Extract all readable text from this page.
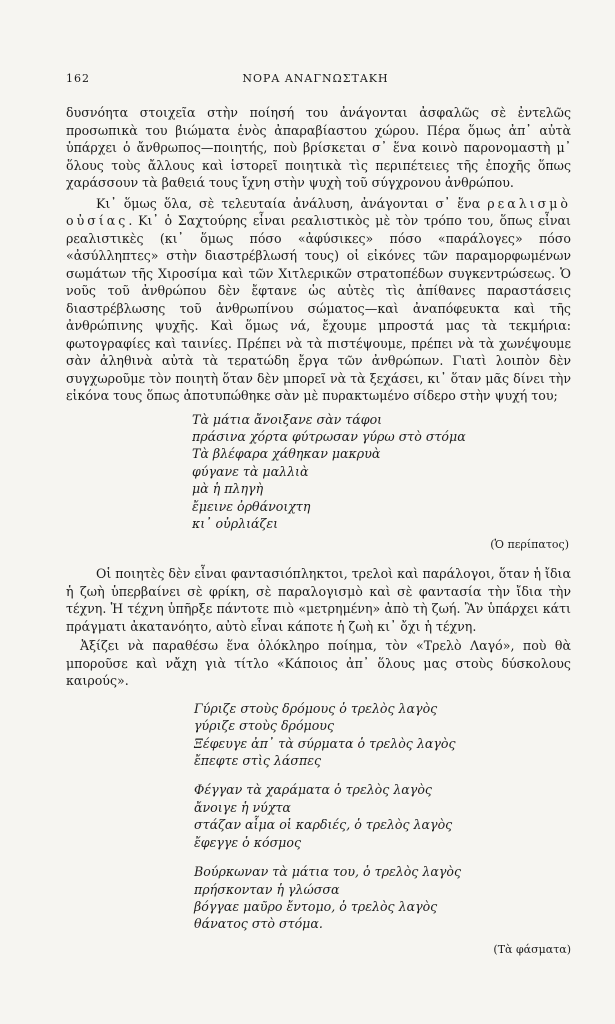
162	ΝΟΡΑ ΑΝΑΓΝΩΣΤΑΚΗ

δυσνόητα στοιχεῖα στὴν ποίησή του ἀνάγονται ἀσφαλῶς σὲ ἐντελῶς προσωπικὰ του βιώματα ἑνὸς ἀπαραβίαστου χώρου. Πέρα ὅμως ἀπ᾿ αὐτὰ ὑπάρχει ὁ ἄνθρωπος—ποιητής, ποὺ βρίσκεται σ᾿ ἕνα κοινὸ παρονομαστὴ μ᾿ ὅλους τοὺς ἄλλους καὶ ἱστορεῖ ποιητικὰ τὶς περιπέτειες τῆς ἐποχῆς ὅπως χαράσσουν τὰ βαθειά τους ἴχνη στὴν ψυχὴ τοῦ σύγχρονου ἀνθρώπου.

Κι᾿ ὅμως ὅλα, σὲ τελευταία ἀνάλυση, ἀνάγονται σ᾿ ἕνα ρεαλισμὸ οὐσίας. Κι᾿ ὁ Σαχτούρης εἶναι ρεαλιστικὸς μὲ τὸν τρόπο του, ὅπως εἶναι ρεαλιστικὲς (κι᾿ ὅμως πόσο «ἀφύσικες» πόσο «παράλογες» πόσο «ἀσύλληπτες» στὴν διαστρέβλωσή τους) οἱ εἰκόνες τῶν παραμορφωμένων σωμάτων τῆς Χιροσίμα καὶ τῶν Χιτλερικῶν στρατοπέδων συγκεντρώσεως. Ὁ νοῦς τοῦ ἀνθρώπου δὲν ἔφτανε ὡς αὐτὲς τὶς ἀπίθανες παραστάσεις διαστρέβλωσης τοῦ ἀνθρωπίνου σώματος—καὶ ἀναπόφευκτα καὶ τῆς ἀνθρώπινης ψυχῆς. Καὶ ὅμως νά, ἔχουμε μπροστά μας τὰ τεκμήρια: φωτογραφίες καὶ ταινίες. Πρέπει νὰ τὰ πιστέψουμε, πρέπει νὰ τὰ χωνέψουμε σὰν ἀληθινὰ αὐτὰ τὰ τερατώδη ἔργα τῶν ἀνθρώπων. Γιατὶ λοιπὸν δὲν συγχωροῦμε τὸν ποιητὴ ὅταν δὲν μπορεῖ νὰ τὰ ξεχάσει, κι᾿ ὅταν μᾶς δίνει τὴν εἰκόνα τους ὅπως ἀποτυπώθηκε σὰν μὲ πυρακτωμένο σίδερο στὴν ψυχή του;

Τὰ μάτια ἄνοιξανε σὰν τάφοι
πράσινα χόρτα φύτρωσαν γύρω στὸ στόμα
Τὰ βλέφαρα χάθηκαν μακρυὰ
φύγανε τὰ μαλλιὰ
μὰ ἡ πληγὴ
ἔμεινε ὀρθάνοιχτη
κι᾿ οὐρλιάζει
(Ὁ περίπατος)

Οἱ ποιητὲς δὲν εἶναι φαντασιόπληκτοι, τρελοὶ καὶ παράλογοι, ὅταν ἡ ἴδια ἡ ζωὴ ὑπερβαίνει σὲ φρίκη, σὲ παραλογισμὸ καὶ σὲ φαντασία τὴν ἴδια τὴν τέχνη. Ἡ τέχνη ὑπῆρξε πάντοτε πιὸ «μετρημένη» ἀπὸ τὴ ζωή. Ἂν ὑπάρχει κάτι πράγματι ἀκατανόητο, αὐτὸ εἶναι κάποτε ἡ ζωὴ κι᾿ ὄχι ἡ τέχνη.

Ἀξίζει νὰ παραθέσω ἕνα ὁλόκληρο ποίημα, τὸν «Τρελὸ Λαγό», ποὺ θὰ μποροῦσε καὶ νἄχη γιὰ τίτλο «Κάποιος ἀπ᾿ ὅλους μας στοὺς δύσκολους καιρούς».

Γύριζε στοὺς δρόμους ὁ τρελὸς λαγὸς
γύριζε στοὺς δρόμους
Ξέφευγε ἀπ᾿ τὰ σύρματα ὁ τρελὸς λαγὸς
ἔπεφτε στὶς λάσπες
Φέγγαν τὰ χαράματα ὁ τρελὸς λαγὸς
ἄνοιγε ἡ νύχτα
στάζαν αἷμα οἱ καρδιές, ὁ τρελὸς λαγὸς
ἔφεγγε ὁ κόσμος
Βούρκωναν τὰ μάτια του, ὁ τρελὸς λαγὸς
πρήσκονταν ἡ γλώσσα
βόγγαε μαῦρο ἔντομο, ὁ τρελὸς λαγὸς
θάνατος στὸ στόμα.
(Τὰ φάσματα)
